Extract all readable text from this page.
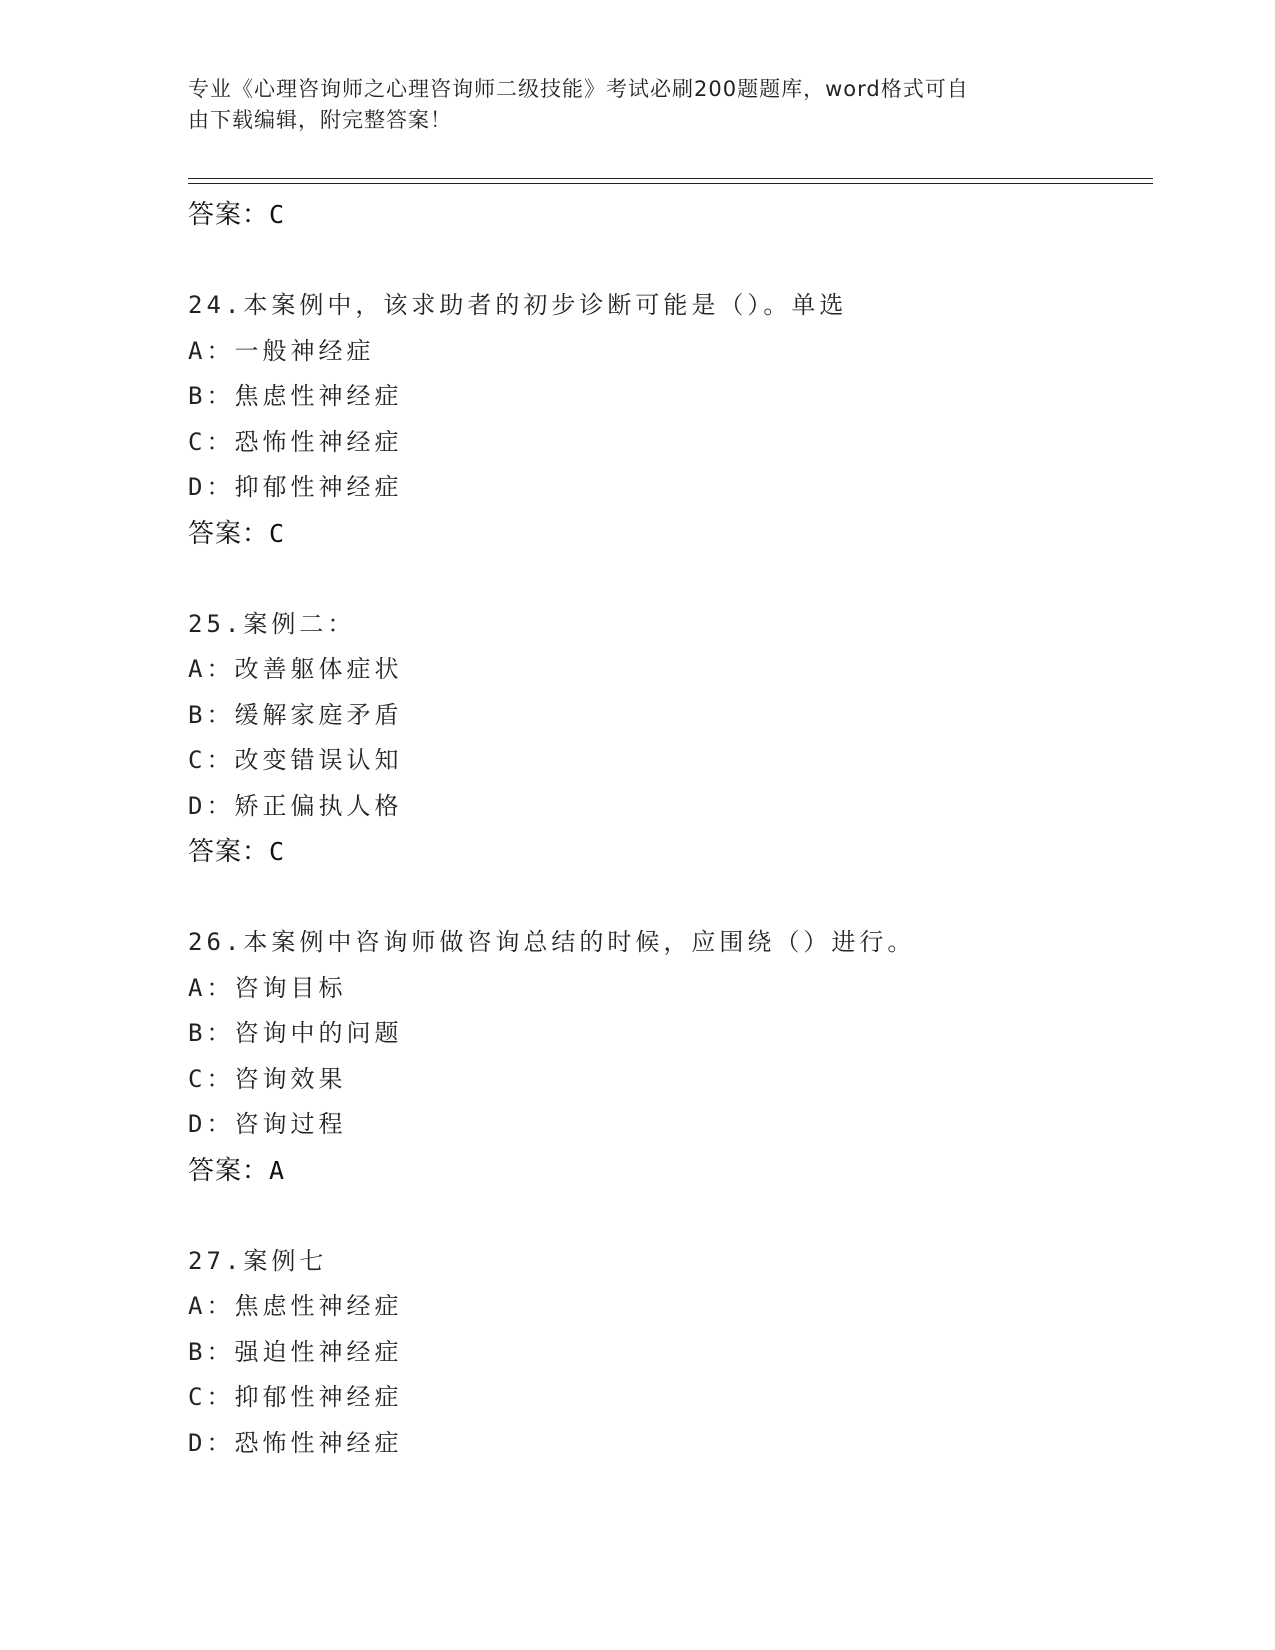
专业《心理咨询师之心理咨询师二级技能》考试必刷200题题库，word格式可自
由下载编辑，附完整答案！
答案：C
24.本案例中，该求助者的初步诊断可能是（）。单选
A：一般神经症
B：焦虑性神经症
C：恐怖性神经症
D：抑郁性神经症
答案：C
25.案例二：
A：改善躯体症状
B：缓解家庭矛盾
C：改变错误认知
D：矫正偏执人格
答案：C
26.本案例中咨询师做咨询总结的时候，应围绕（）进行。
A：咨询目标
B：咨询中的问题
C：咨询效果
D：咨询过程
答案：A
27.案例七
A：焦虑性神经症
B：强迫性神经症
C：抑郁性神经症
D：恐怖性神经症
